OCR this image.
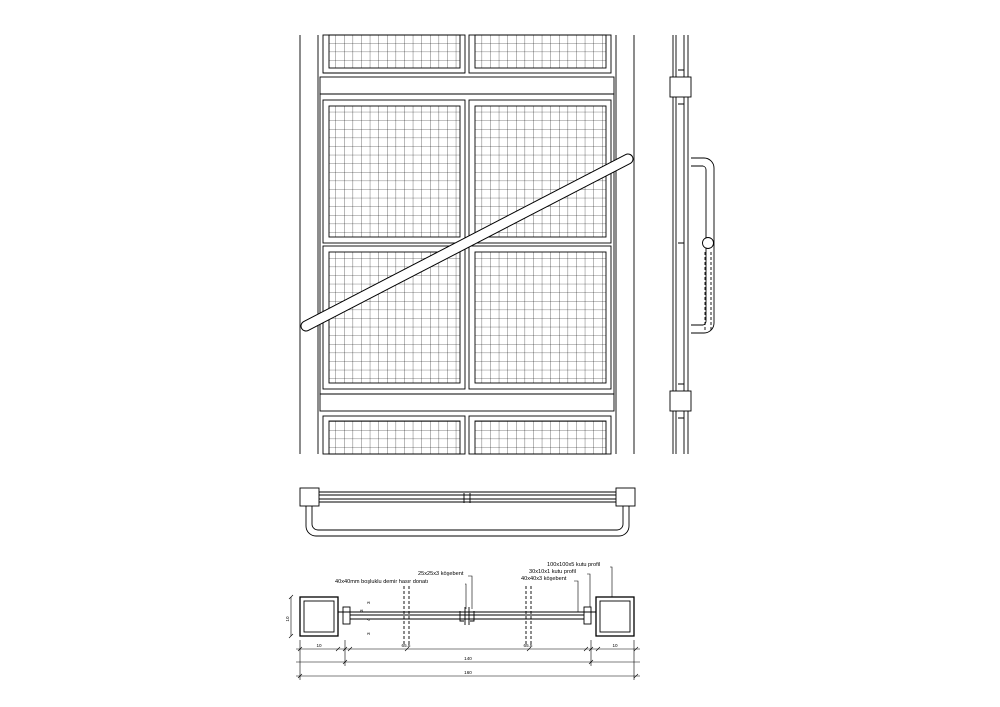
100x100x5 kutu profil
30x10x1 kutu profil
40x40x3 köşebent
25x25x3 köşebent
40x40mm boşluklu demir hasır donatı
10
10	10
3
3
4
3
65.5	65.5
140
160
